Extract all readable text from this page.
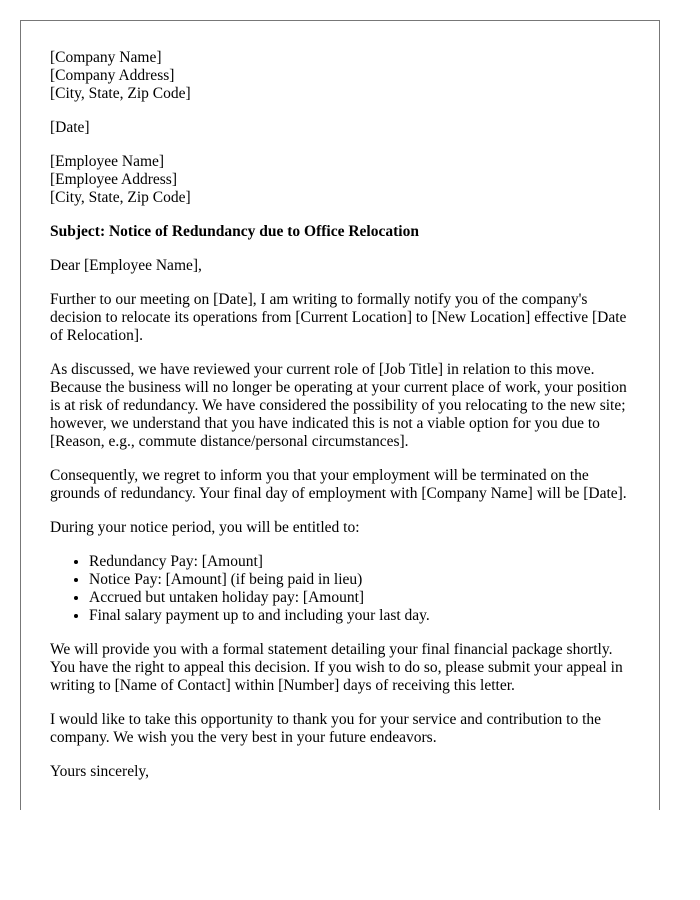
[Company Name]
[Company Address]
[City, State, Zip Code]

[Date]

[Employee Name]
[Employee Address]
[City, State, Zip Code]

Subject: Notice of Redundancy due to Office Relocation

Dear [Employee Name],

Further to our meeting on [Date], I am writing to formally notify you of the company's decision to relocate its operations from [Current Location] to [New Location] effective [Date of Relocation].

As discussed, we have reviewed your current role of [Job Title] in relation to this move. Because the business will no longer be operating at your current place of work, your position is at risk of redundancy. We have considered the possibility of you relocating to the new site; however, we understand that you have indicated this is not a viable option for you due to [Reason, e.g., commute distance/personal circumstances].

Consequently, we regret to inform you that your employment will be terminated on the grounds of redundancy. Your final day of employment with [Company Name] will be [Date].

During your notice period, you will be entitled to:

• Redundancy Pay: [Amount]
• Notice Pay: [Amount] (if being paid in lieu)
• Accrued but untaken holiday pay: [Amount]
• Final salary payment up to and including your last day.

We will provide you with a formal statement detailing your final financial package shortly. You have the right to appeal this decision. If you wish to do so, please submit your appeal in writing to [Name of Contact] within [Number] days of receiving this letter.

I would like to take this opportunity to thank you for your service and contribution to the company. We wish you the very best in your future endeavors.

Yours sincerely,
